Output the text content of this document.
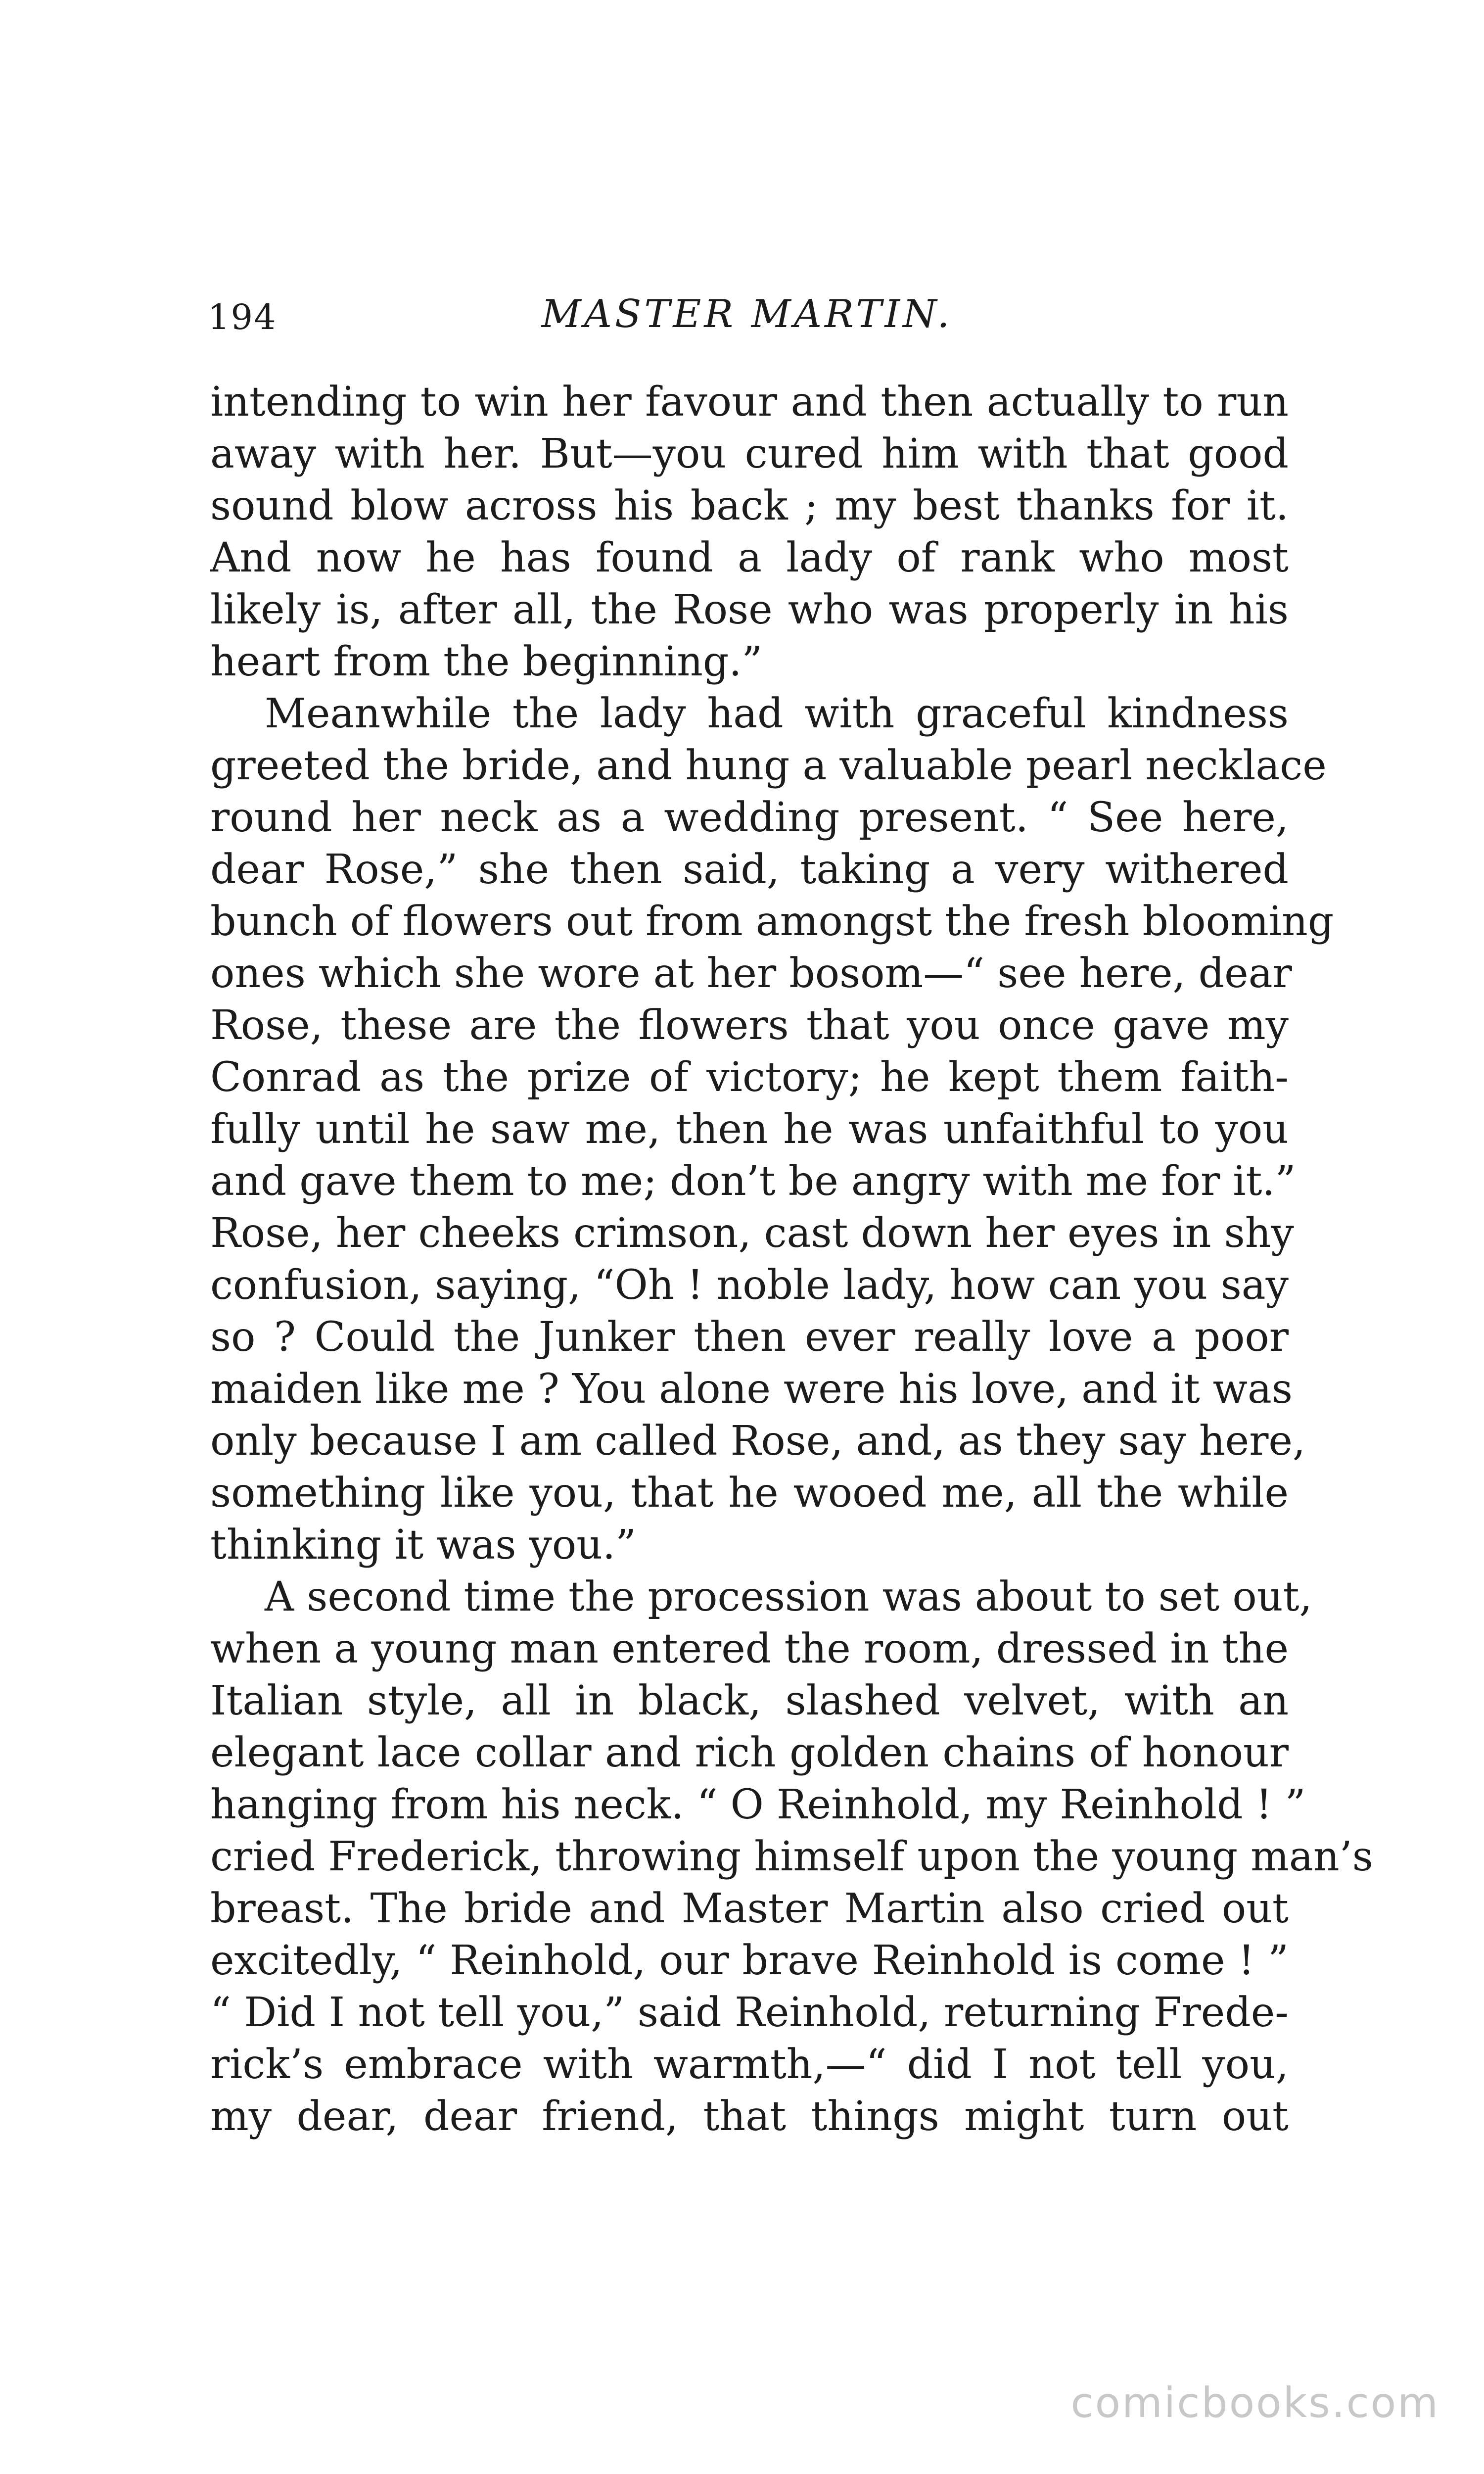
194	MASTER MARTIN.
intending to win her favour and then actually to run
away with her. But—you cured him with that good
sound blow across his back ; my best thanks for it.
And now he has found a lady of rank who most
likely is, after all, the Rose who was properly in his
heart from the beginning.”
Meanwhile the lady had with graceful kindness
greeted the bride, and hung a valuable pearl necklace
round her neck as a wedding present. “ See here,
dear Rose,” she then said, taking a very withered
bunch of flowers out from amongst the fresh blooming
ones which she wore at her bosom—“ see here, dear
Rose, these are the flowers that you once gave my
Conrad as the prize of victory; he kept them faith-
fully until he saw me, then he was unfaithful to you
and gave them to me; don’t be angry with me for it.”
Rose, her cheeks crimson, cast down her eyes in shy
confusion, saying, “Oh ! noble lady, how can you say
so ? Could the Junker then ever really love a poor
maiden like me ? You alone were his love, and it was
only because I am called Rose, and, as they say here,
something like you, that he wooed me, all the while
thinking it was you.”
A second time the procession was about to set out,
when a young man entered the room, dressed in the
Italian style, all in black, slashed velvet, with an
elegant lace collar and rich golden chains of honour
hanging from his neck. “ O Reinhold, my Reinhold ! ”
cried Frederick, throwing himself upon the young man’s
breast. The bride and Master Martin also cried out
excitedly, “ Reinhold, our brave Reinhold is come ! ”
“ Did I not tell you,” said Reinhold, returning Frede-
rick’s embrace with warmth,—“ did I not tell you,
my dear, dear friend, that things might turn out
comicbooks.com
